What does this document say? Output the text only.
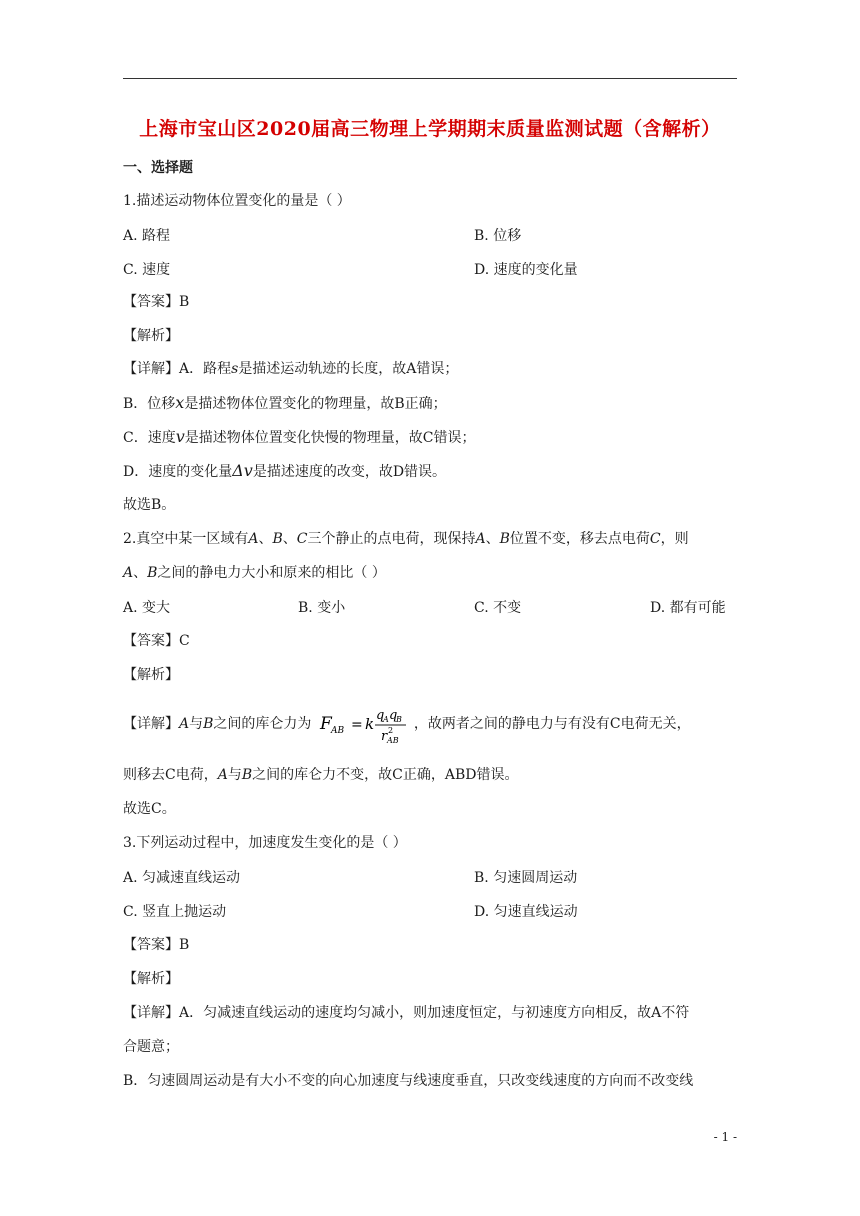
上海市宝山区2020届高三物理上学期期末质量监测试题（含解析）
一、选择题
1.描述运动物体位置变化的量是（ ）
A. 路程	B. 位移
C. 速度	D. 速度的变化量
【答案】B
【解析】
【详解】A．路程s是描述运动轨迹的长度，故A错误；
B．位移x是描述物体位置变化的物理量，故B正确；
C．速度v是描述物体位置变化快慢的物理量，故C错误；
D．速度的变化量Δv是描述速度的改变，故D错误。
故选B。
2.真空中某一区域有A、B、C三个静止的点电荷，现保持A、B位置不变，移去点电荷C，则
A、B之间的静电力大小和原来的相比（ ）
A. 变大	B. 变小	C. 不变	D. 都有可能
【答案】C
【解析】
【详解】A与B之间的库仑力为 F AB = k q
A q
B
r 2
AB
，故两者之间的静电力与有没有C电荷无关，
则移去C电荷，A与B之间的库仑力不变，故C正确，ABD错误。
故选C。
3.下列运动过程中，加速度发生变化的是（ ）
A. 匀减速直线运动	B. 匀速圆周运动
C. 竖直上抛运动	D. 匀速直线运动
【答案】B
【解析】
【详解】A．匀减速直线运动的速度均匀减小，则加速度恒定，与初速度方向相反，故A不符
合题意；
B．匀速圆周运动是有大小不变的向心加速度与线速度垂直，只改变线速度的方向而不改变线
- 1 -
